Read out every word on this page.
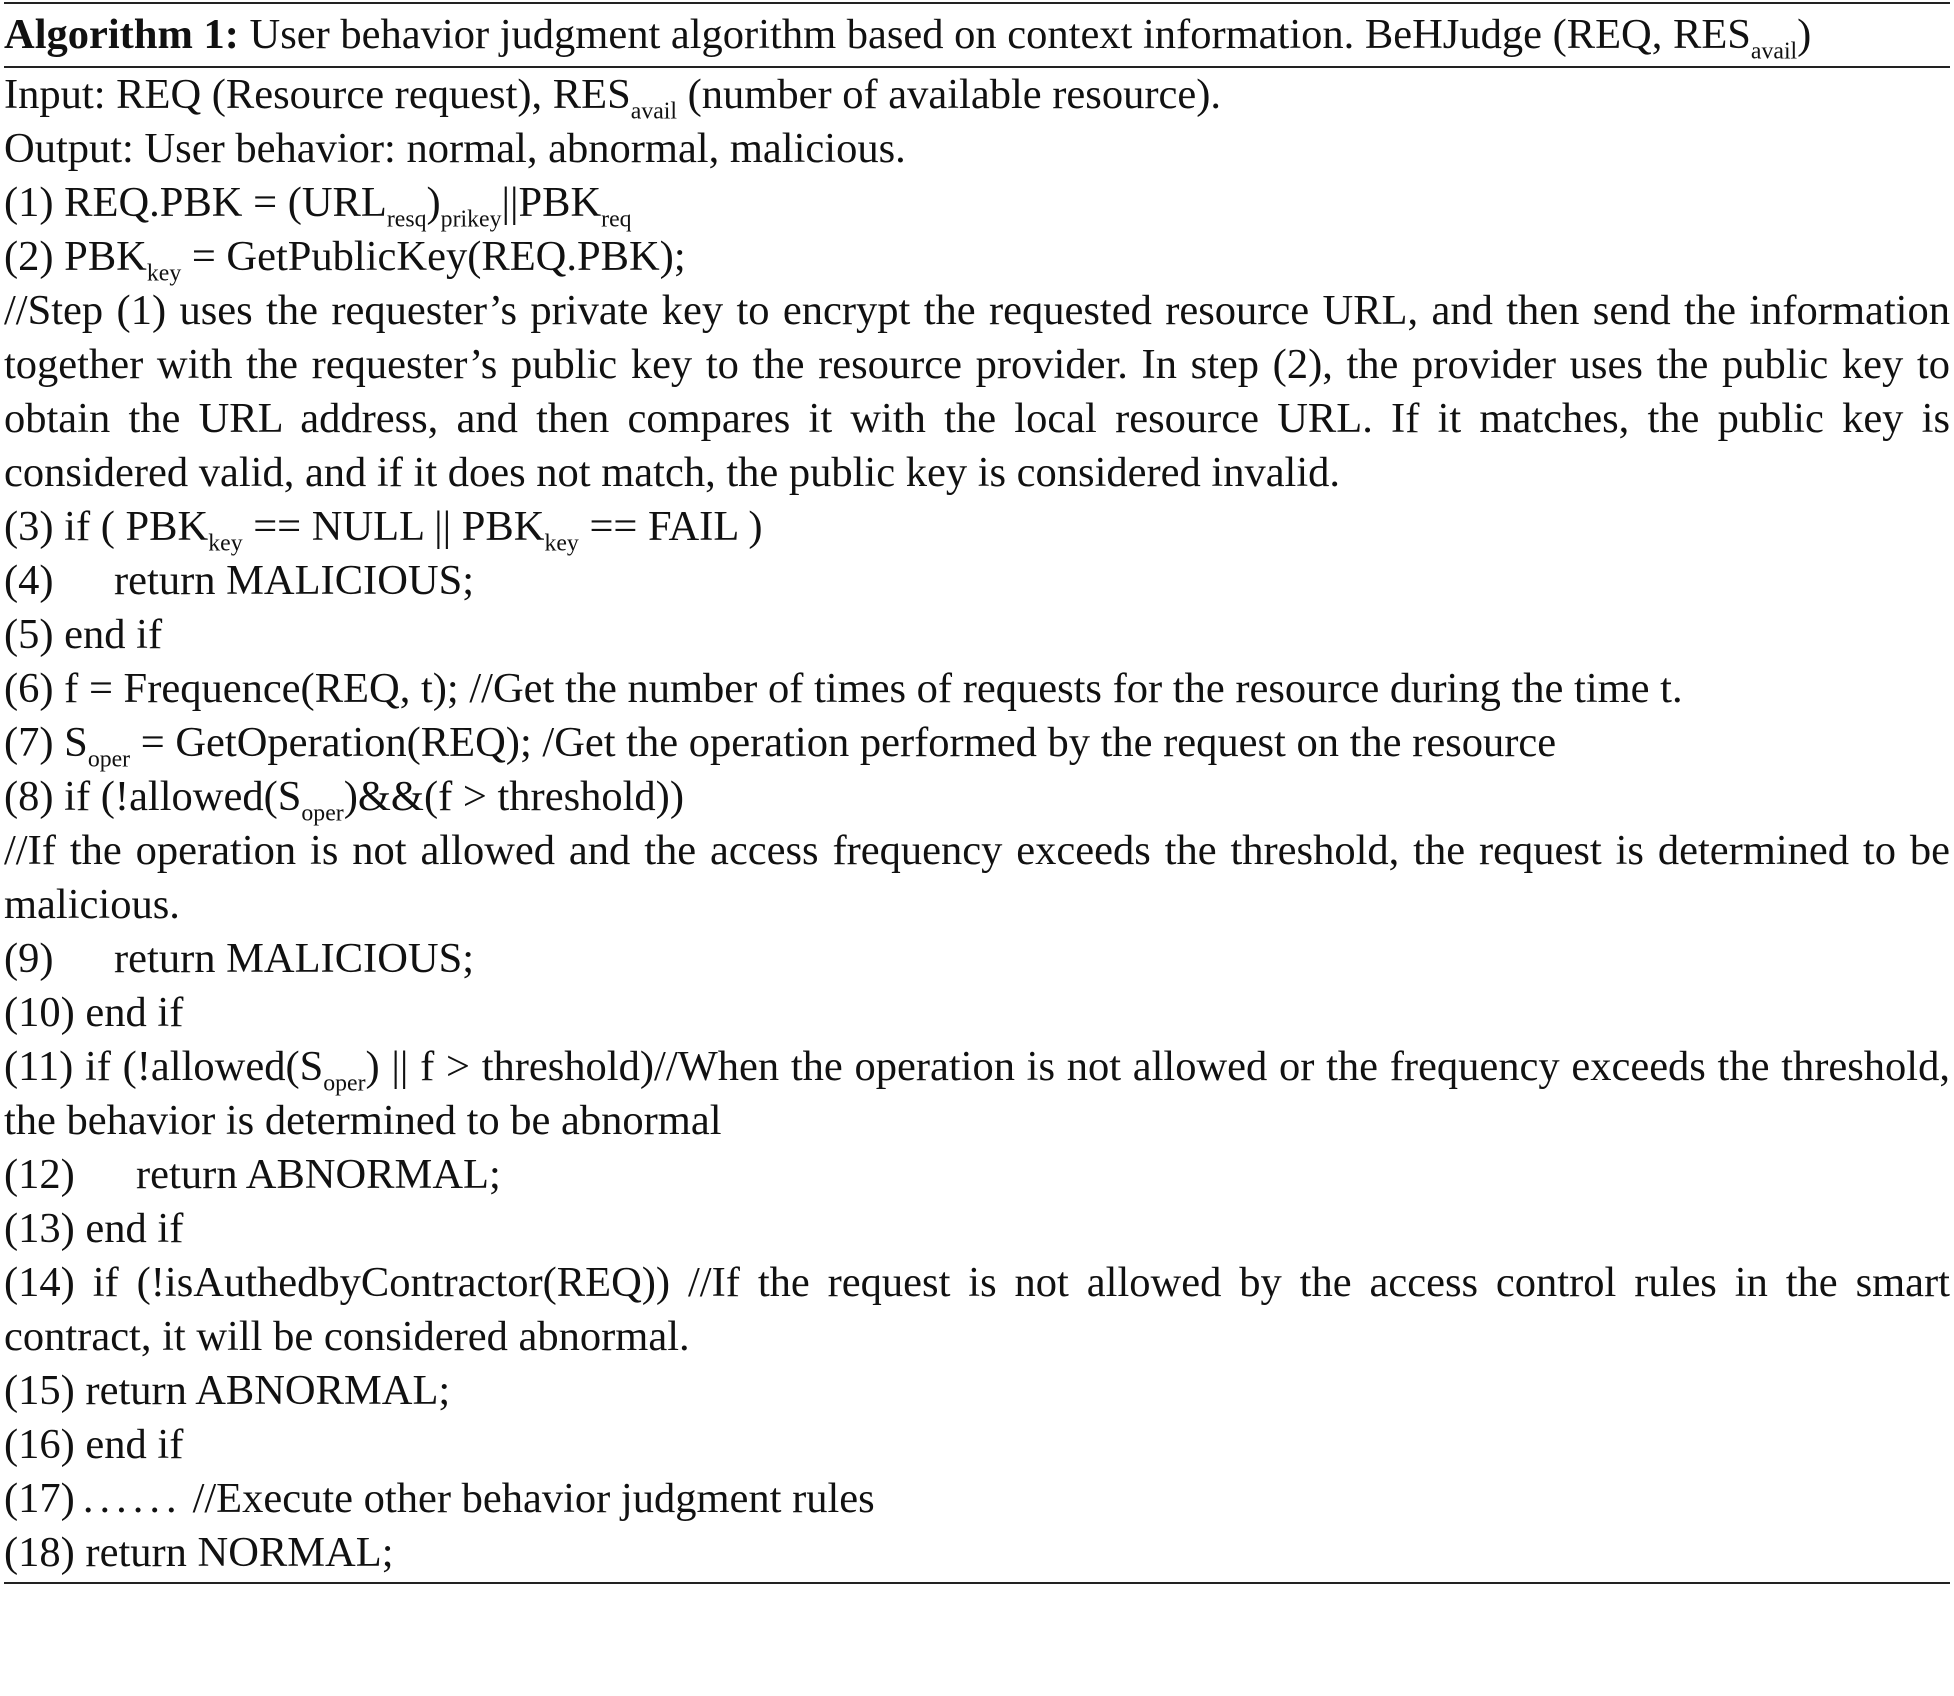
Algorithm 1: User behavior judgment algorithm based on context information. BeHJudge (REQ, $RES_{avail}$)
Input: REQ (Resource request), $RES_{avail}$ (number of available resource).
Output: User behavior: normal, abnormal, malicious.
(1) $REQ.PBK = (URL_{resq})_{prikey}||PBK_{req}$
(2) $PBK_{key}$ = GetPublicKey(REQ.PBK);
//Step (1) uses the requester’s private key to encrypt the requested resource URL, and then send the information together with the requester’s public key to the resource provider. In step (2), the provider uses the public key to obtain the URL address, and then compares it with the local resource URL. If it matches, the public key is considered valid, and if it does not match, the public key is considered invalid.
(3) if ( $PBK_{key}$ == NULL || $PBK_{key}$ == FAIL )
(4) return MALICIOUS;
(5) end if
(6) f = Frequence(REQ, t); //Get the number of times of requests for the resource during the time t.
(7) $S_{oper}$ = GetOperation(REQ); /Get the operation performed by the request on the resource
(8) if ($!allowed(S_{oper})\&\&(f$ > threshold))
//If the operation is not allowed and the access frequency exceeds the threshold, the request is determined to be malicious.
(9) return MALICIOUS;
(10) end if
(11) if ($!allowed(S_{oper})$ || f > threshold)//When the operation is not allowed or the frequency exceeds the threshold, the behavior is determined to be abnormal
(12) return ABNORMAL;
(13) end if
(14) if (!isAuthedbyContractor(REQ)) //If the request is not allowed by the access control rules in the smart contract, it will be considered abnormal.
(15) return ABNORMAL;
(16) end if
(17) ...... //Execute other behavior judgment rules
(18) return NORMAL;
